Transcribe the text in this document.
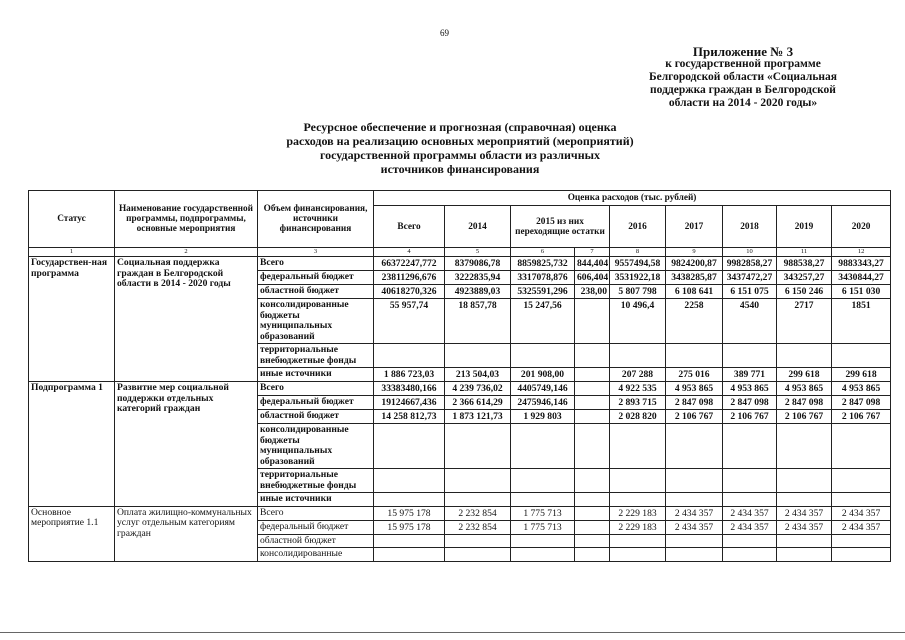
69
Приложение № 3
к государственной программе
Белгородской области «Социальная
поддержка граждан в Белгородской
области на 2014 - 2020 годы»
Ресурсное обеспечение и прогнозная (справочная) оценка
расходов на реализацию основных мероприятий (мероприятий)
государственной программы области из различных
источников финансирования
Статус	Наименование государственной программы, подпрограммы, основные мероприятия	Объем финансирования, источники финансирования	Оценка расходов (тыс. рублей)								
			Всего	2014	2015 из них переходящие остатки		2016	2017	2018	2019	2020
1	2	3	4	5	6	7	8	9	10	11	12
Государствен-ная программа	Социальная поддержка граждан в Белгородской области в 2014 - 2020 годы	Всего	66372247,772	8379086,78	8859825,732	844,404	9557494,58	9824200,87	9982858,27	988538,27	9883343,27
		федеральный бюджет	23811296,676	3222835,94	3317078,876	606,404	3531922,18	3438285,87	3437472,27	343257,27	3430844,27
		областной бюджет	40618270,326	4923889,03	5325591,296	238,00	5 807 798	6 108 641	6 151 075	6 150 246	6 151 030
		консолидированные бюджеты муниципальных образований	55 957,74	18 857,78	15 247,56		10 496,4	2258	4540	2717	1851
		территориальные внебюджетные фонды									
		иные источники	1 886 723,03	213 504,03	201 908,00		207 288	275 016	389 771	299 618	299 618
Подпрограмма 1	Развитие мер социальной поддержки отдельных категорий граждан	Всего	33383480,166	4 239 736,02	4405749,146		4 922 535	4 953 865	4 953 865	4 953 865	4 953 865
		федеральный бюджет	19124667,436	2 366 614,29	2475946,146		2 893 715	2 847 098	2 847 098	2 847 098	2 847 098
		областной бюджет	14 258 812,73	1 873 121,73	1 929 803		2 028 820	2 106 767	2 106 767	2 106 767	2 106 767
		консолидированные бюджеты муниципальных образований									
		территориальные внебюджетные фонды									
		иные источники									
Основное мероприятие 1.1	Оплата жилищно-коммунальных услуг отдельным категориям граждан	Всего	15 975 178	2 232 854	1 775 713		2 229 183	2 434 357	2 434 357	2 434 357	2 434 357
		федеральный бюджет	15 975 178	2 232 854	1 775 713		2 229 183	2 434 357	2 434 357	2 434 357	2 434 357
		областной бюджет									
		консолидированные									
